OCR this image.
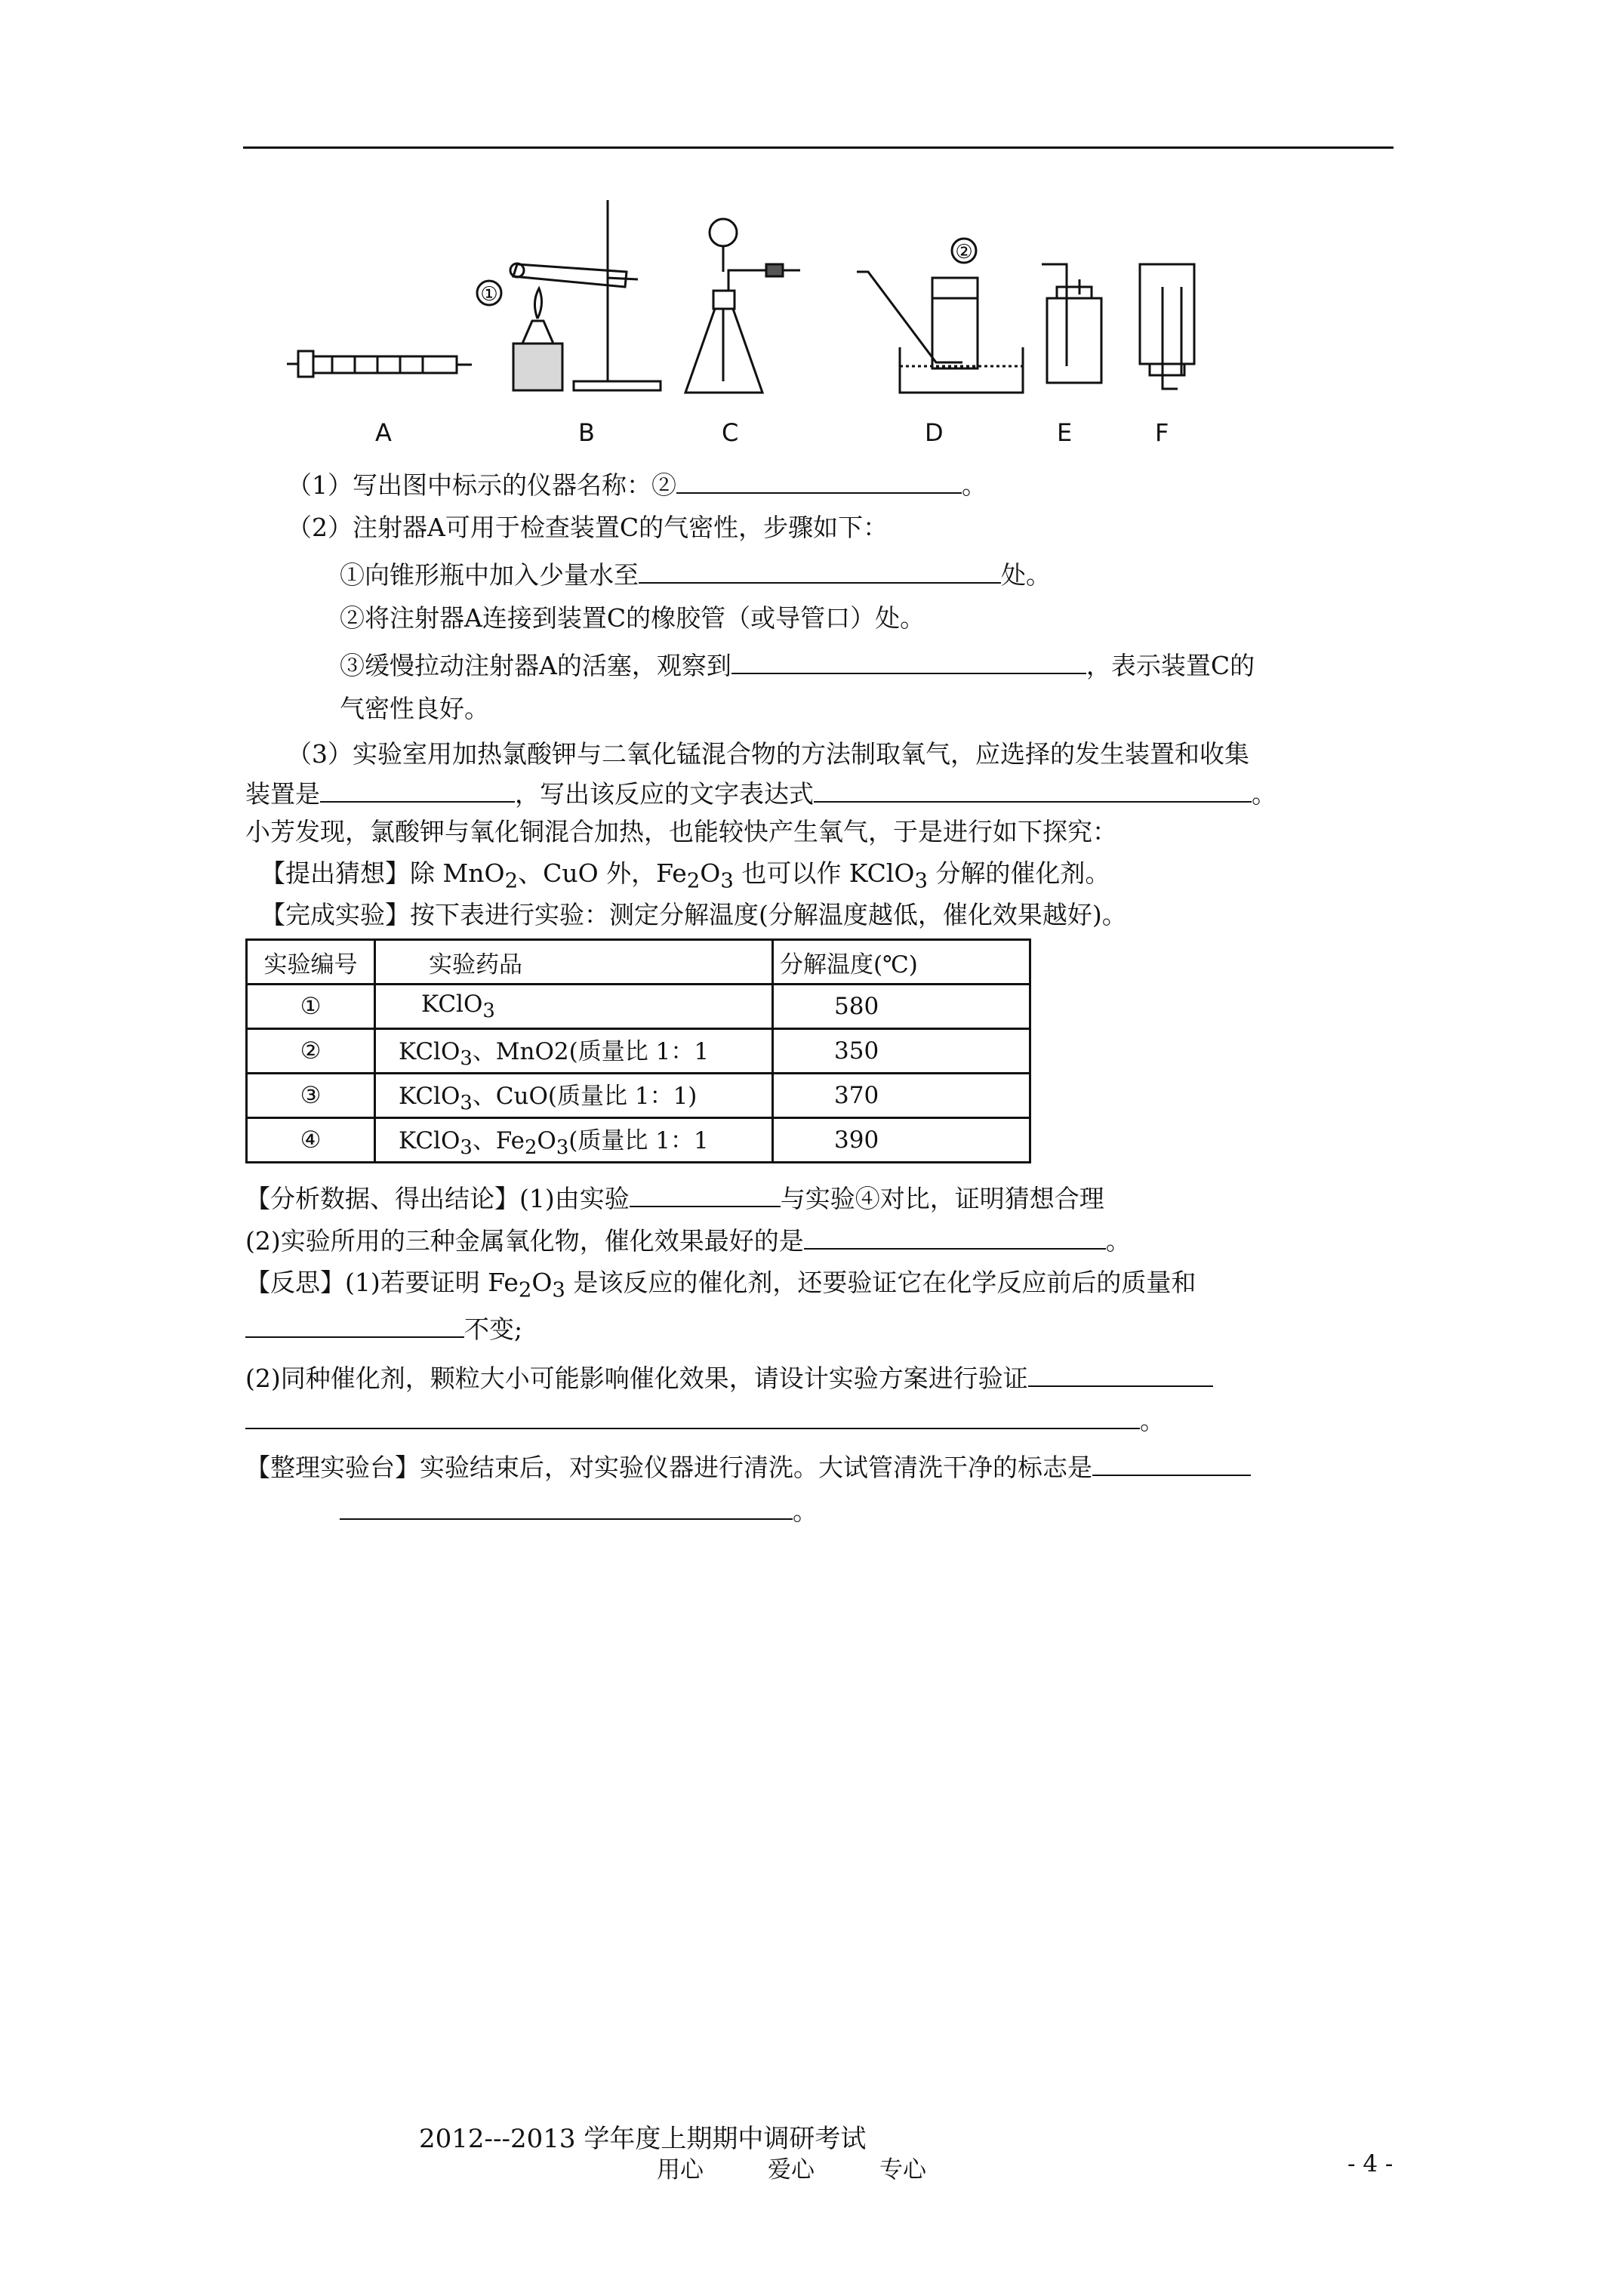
①
②
A	B	C	D	E	F
（1）写出图中标示的仪器名称：②	。
（2）注射器A可用于检查装置C的气密性，步骤如下：
①向锥形瓶中加入少量水至	处。
②将注射器A连接到装置C的橡胶管（或导管口）处。
③缓慢拉动注射器A的活塞，观察到	，表示装置C的
气密性良好。
（3）实验室用加热氯酸钾与二氧化锰混合物的方法制取氧气，应选择的发生装置和收集
装置是	，写出该反应的文字表达式	。
小芳发现，氯酸钾与氧化铜混合加热，也能较快产生氧气，于是进行如下探究：
【提出猜想】除 MnO$_2$、CuO 外，$Fe_2O_3$ 也可以作 KClO$_3$ 分解的催化剂。
【完成实验】按下表进行实验：测定分解温度(分解温度越低，催化效果越好)。
实验编号	实验药品	分解温度(℃)
①	KClO$_3$	580
②	KClO$_3$、MnO2(质量比 1：1	350
③	KClO$_3$、CuO(质量比 1：1)	370
④	KClO$_3$、$Fe_2O_3$(质量比 1：1	390
【分析数据、得出结论】(1)由实验	与实验④对比，证明猜想合理
(2)实验所用的三种金属氧化物，催化效果最好的是	。
【反思】(1)若要证明 $Fe_2O_3$ 是该反应的催化剂，还要验证它在化学反应前后的质量和
不变;
(2)同种催化剂，颗粒大小可能影响催化效果，请设计实验方案进行验证
。
【整理实验台】实验结束后，对实验仪器进行清洗。大试管清洗干净的标志是
。
2012---2013 学年度上期期中调研考试
用心	爱心	专心	- 4 -
